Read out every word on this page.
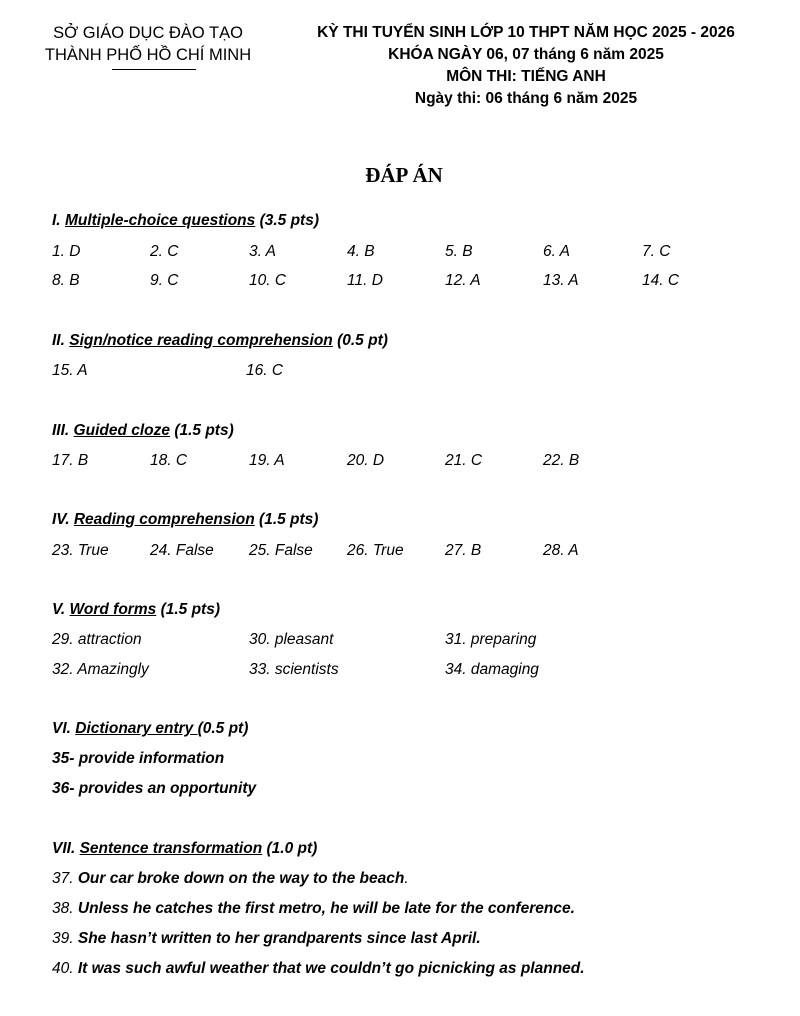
SỞ GIÁO DỤC ĐÀO TẠO
THÀNH PHỐ HỒ CHÍ MINH
KỲ THI TUYỂN SINH LỚP 10 THPT NĂM HỌC 2025 - 2026
KHÓA NGÀY 06, 07 tháng 6 năm 2025
MÔN THI: TIẾNG ANH
Ngày thi: 06 tháng 6 năm 2025
ĐÁP ÁN
I. Multiple-choice questions (3.5 pts)
1. D	2. C	3. A	4. B	5. B	6. A	7. C
8. B	9. C	10. C	11. D	12. A	13. A	14. C
II. Sign/notice reading comprehension (0.5 pt)
15. A	16. C
III. Guided cloze (1.5 pts)
17. B	18. C	19. A	20. D	21. C	22. B
IV. Reading comprehension (1.5 pts)
23. True	24. False 25. False 26. True	27. B	28. A
V. Word forms (1.5 pts)
29. attraction	30. pleasant	31. preparing
32. Amazingly	33. scientists	34. damaging
VI. Dictionary entry (0.5 pt)
35- provide information
36- provides an opportunity
VII. Sentence transformation (1.0 pt)
37. Our car broke down on the way to the beach.
38. Unless he catches the first metro, he will be late for the conference.
39. She hasn’t written to her grandparents since last April.
40. It was such awful weather that we couldn’t go picnicking as planned.
